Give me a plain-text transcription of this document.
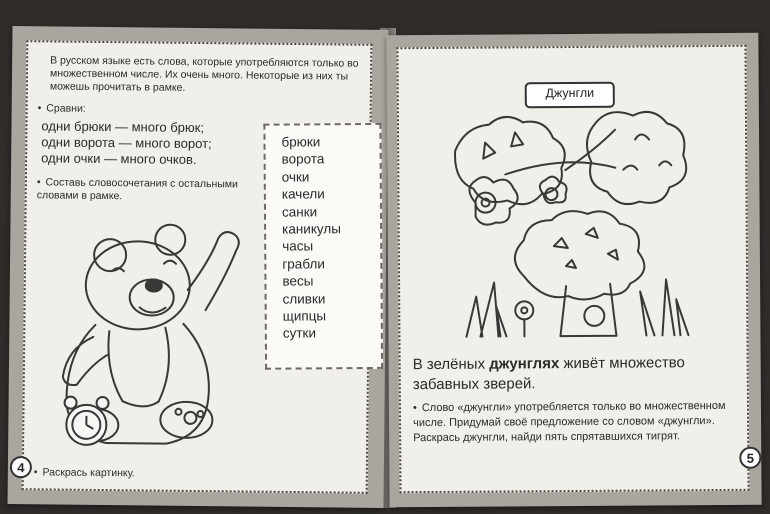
В русском языке есть слова, которые употребляются только во множественном числе. Их очень много. Некоторые из них ты можешь прочитать в рамке.
• Сравни:
одни брюки — много брюк;
одни ворота — много ворот;
одни очки — много очков.
• Составь словосочетания с остальными словами в рамке.
брюки
ворота
очки
качели
санки
каникулы
часы
грабли
весы
сливки
щипцы
сутки
• Раскрась картинку.
4
Джунгли
В зелёных джунглях живёт множество забавных зверей.
• Слово «джунгли» употребляется только во множественном числе. Придумай своё предложение со словом «джунгли». Раскрась джунгли, найди пять спрятавшихся тигрят.
5
